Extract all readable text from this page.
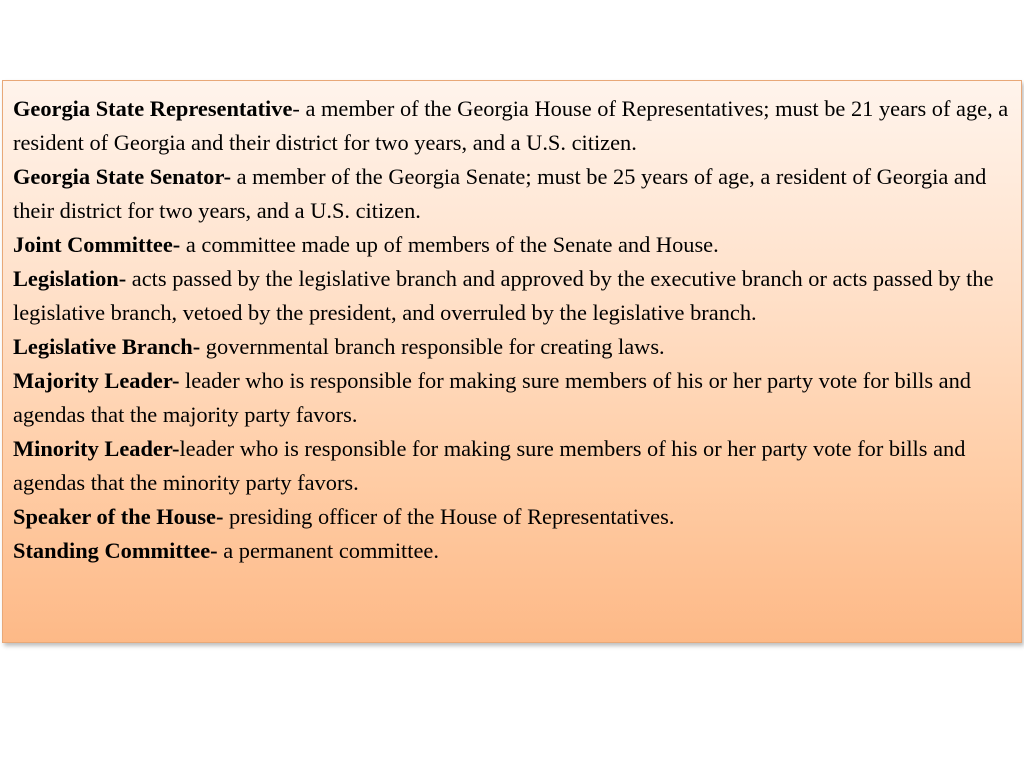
Georgia State Representative- a member of the Georgia House of Representatives; must be 21 years of age, a resident of Georgia and their district for two years, and a U.S. citizen.

Georgia State Senator- a member of the Georgia Senate; must be 25 years of age, a resident of Georgia and their district for two years, and a U.S. citizen.

Joint Committee- a committee made up of members of the Senate and House.

Legislation- acts passed by the legislative branch and approved by the executive branch or acts passed by the legislative branch, vetoed by the president, and overruled by the legislative branch.

Legislative Branch- governmental branch responsible for creating laws.

Majority Leader- leader who is responsible for making sure members of his or her party vote for bills and agendas that the majority party favors.

Minority Leader-leader who is responsible for making sure members of his or her party vote for bills and agendas that the minority party favors.

Speaker of the House- presiding officer of the House of Representatives.

Standing Committee- a permanent committee.
